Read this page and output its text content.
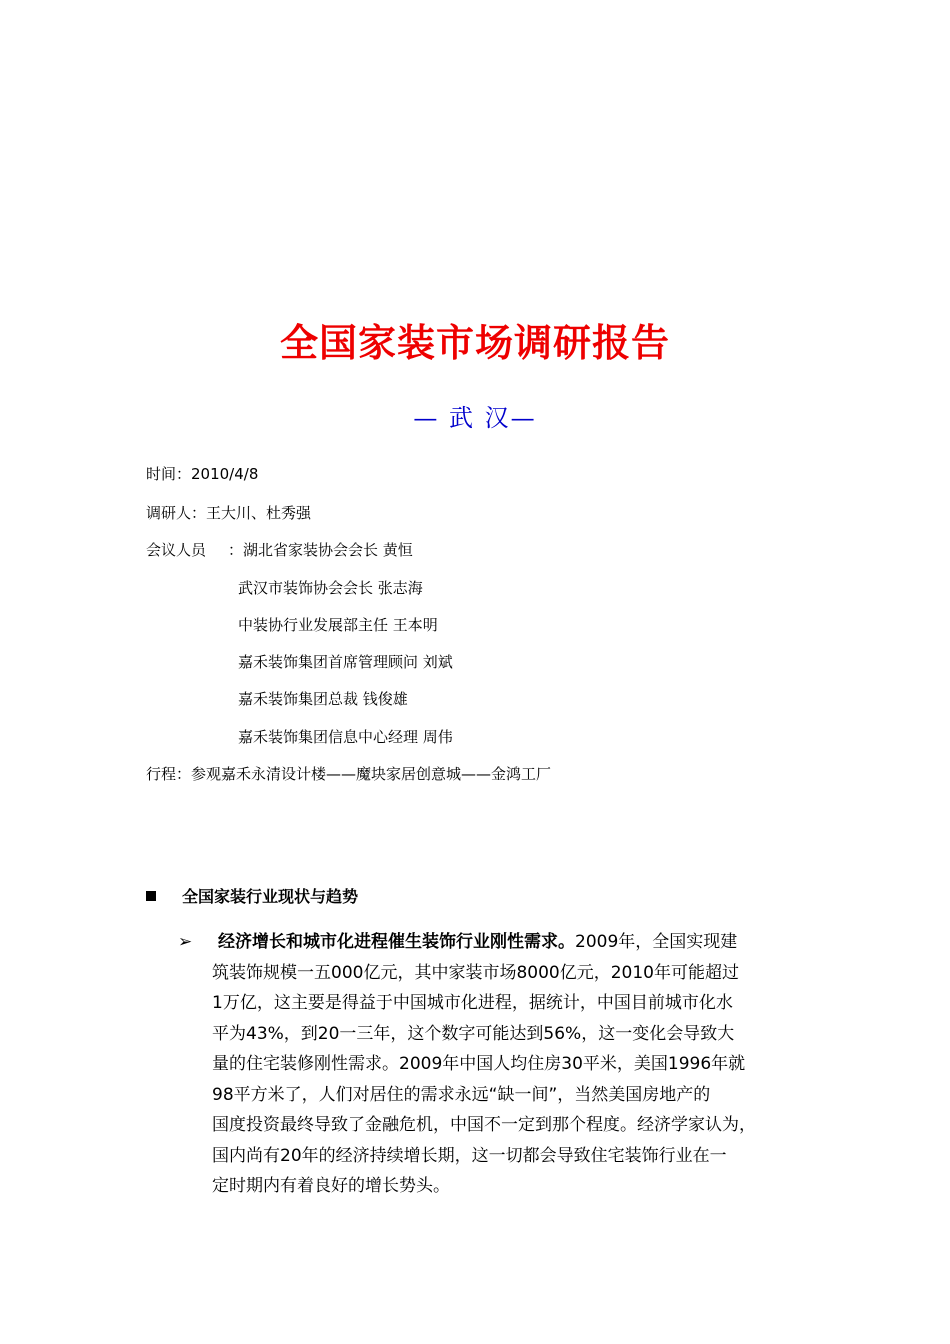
全国家装市场调研报告
— 武 汉—
时间：2010/4/8
调研人：王大川、杜秀强
会议人员 ：湖北省家装协会会长 黄恒
武汉市装饰协会会长 张志海
中装协行业发展部主任 王本明
嘉禾装饰集团首席管理顾问 刘斌
嘉禾装饰集团总裁 钱俊雄
嘉禾装饰集团信息中心经理 周伟
行程：参观嘉禾永清设计楼——魔块家居创意城——金鸿工厂
全国家装行业现状与趋势
➢	经济增长和城市化进程催生装饰行业刚性需求。2009年，全国实现建
筑装饰规模一五000亿元，其中家装市场8000亿元，2010年可能超过
1万亿，这主要是得益于中国城市化进程，据统计，中国目前城市化水
平为43%，到20一三年，这个数字可能达到56%，这一变化会导致大
量的住宅装修刚性需求。2009年中国人均住房30平米，美国1996年就
98平方米了，人们对居住的需求永远“缺一间”，当然美国房地产的
国度投资最终导致了金融危机，中国不一定到那个程度。经济学家认为，
国内尚有20年的经济持续增长期，这一切都会导致住宅装饰行业在一
定时期内有着良好的增长势头。
